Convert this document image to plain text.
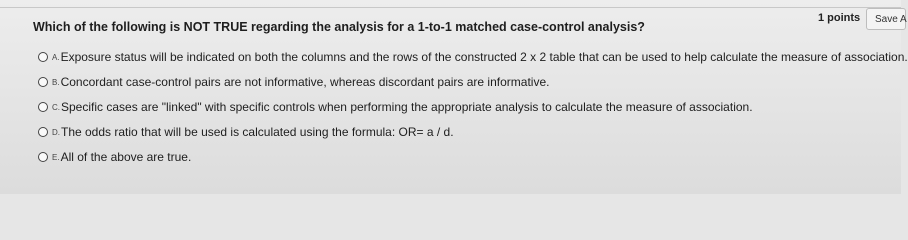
1 points	Save A
Which of the following is NOT TRUE regarding the analysis for a 1-to-1 matched case-control analysis?
A. Exposure status will be indicated on both the columns and the rows of the constructed 2 x 2 table that can be used to help calculate the measure of association.
B. Concordant case-control pairs are not informative, whereas discordant pairs are informative.
C. Specific cases are "linked" with specific controls when performing the appropriate analysis to calculate the measure of association.
D. The odds ratio that will be used is calculated using the formula: OR= a / d.
E. All of the above are true.
